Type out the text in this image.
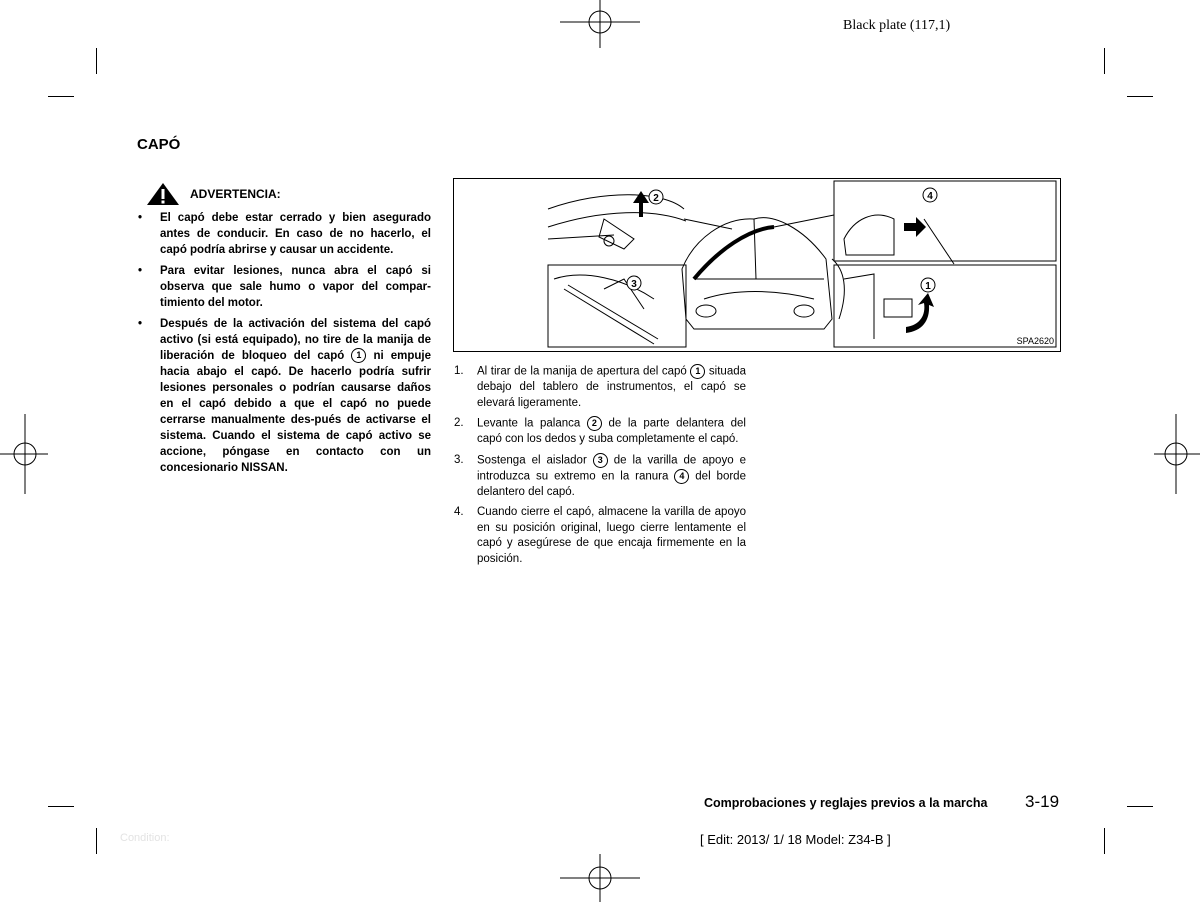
Black plate (117,1)
CAPÓ
ADVERTENCIA:
• El capó debe estar cerrado y bien asegurado antes de conducir. En caso de no hacerlo, el capó podría abrirse y causar un accidente.
• Para evitar lesiones, nunca abra el capó si observa que sale humo o vapor del compar-timiento del motor.
• Después de la activación del sistema del capó activo (si está equipado), no tire de la manija de liberación de bloqueo del capó 1 ni empuje hacia abajo el capó. De hacerlo podría sufrir lesiones personales o podrían causarse daños en el capó debido a que el capó no puede cerrarse manualmente des-pués de activarse el sistema. Cuando el sistema de capó activo se accione, póngase en contacto con un concesionario NISSAN.
2
3
4
1
SPA2620
1. Al tirar de la manija de apertura del capó 1 situada debajo del tablero de instrumentos, el capó se elevará ligeramente.
2. Levante la palanca 2 de la parte delantera del capó con los dedos y suba completamente el capó.
3. Sostenga el aislador 3 de la varilla de apoyo e introduzca su extremo en la ranura 4 del borde delantero del capó.
4. Cuando cierre el capó, almacene la varilla de apoyo en su posición original, luego cierre lentamente el capó y asegúrese de que encaja firmemente en la posición.
Comprobaciones y reglajes previos a la marcha 3-19
Condition:	[ Edit: 2013/ 1/ 18 Model: Z34-B ]
